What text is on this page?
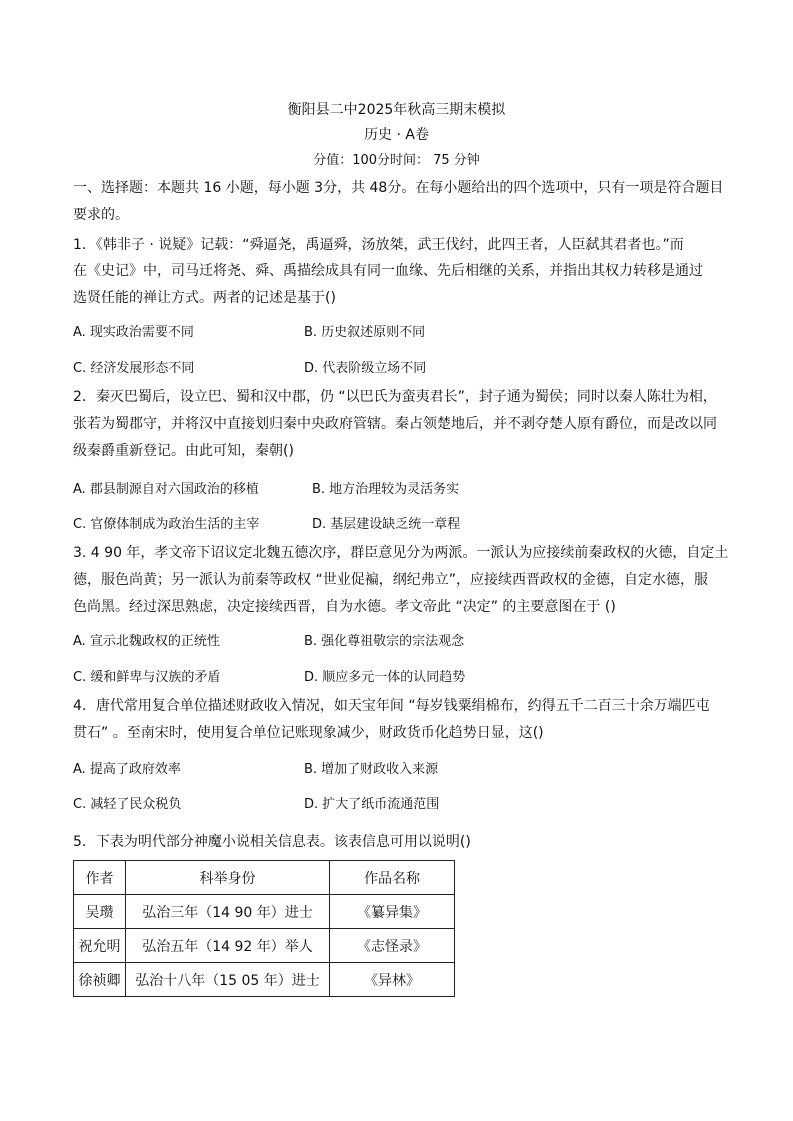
衡阳县二中2025年秋高三期末模拟
历史 · A卷
分值：100分时间： 75 分钟
一、选择题：本题共 16 小题，每小题 3分，共 48分。在每小题给出的四个选项中，只有一项是符合题目
要求的。
1．《韩非子 · 说疑》记载：“舜逼尧，禹逼舜，汤放桀，武王伐纣，此四王者，人臣弑其君者也。”而
在《史记》中，司马迁将尧、舜、禹描绘成具有同一血缘、先后相继的关系，并指出其权力转移是通过
选贤任能的禅让方式。两者的记述是基于()
A. 现实政治需要不同	B. 历史叙述原则不同
C. 经济发展形态不同	D. 代表阶级立场不同
2．秦灭巴蜀后，设立巴、蜀和汉中郡，仍 “以巴氏为蛮夷君长”，封子通为蜀侯；同时以秦人陈壮为相，
张若为蜀郡守，并将汉中直接划归秦中央政府管辖。秦占领楚地后，并不剥夺楚人原有爵位，而是改以同
级秦爵重新登记。由此可知，秦朝()
A. 郡县制源自对六国政治的移植	B. 地方治理较为灵活务实
C. 官僚体制成为政治生活的主宰	D. 基层建设缺乏统一章程
3. 4 90 年，孝文帝下诏议定北魏五德次序，群臣意见分为两派。一派认为应接续前秦政权的火德，自定土
德，服色尚黄；另一派认为前秦等政权 “世业促褊，纲纪弗立”，应接续西晋政权的金德，自定水德，服
色尚黑。经过深思熟虑，决定接续西晋，自为水德。孝文帝此 “决定” 的主要意图在于 ()
A. 宣示北魏政权的正统性	B. 强化尊祖敬宗的宗法观念
C. 缓和鲜卑与汉族的矛盾	D. 顺应多元一体的认同趋势
4．唐代常用复合单位描述财政收入情况，如天宝年间 “每岁钱粟绢棉布，约得五千二百三十余万端匹屯
贯石” 。至南宋时，使用复合单位记账现象减少，财政货币化趋势日显，这()
A. 提高了政府效率	B. 增加了财政收入来源
C. 减轻了民众税负	D. 扩大了纸币流通范围
5．下表为明代部分神魔小说相关信息表。该表信息可用以说明()
作者	科举身份	作品名称
吴瓒	弘治三年（14 90 年）进士	《纂异集》
祝允明	弘治五年（14 92 年）举人	《志怪录》
徐祯卿	弘治十八年（15 05 年）进士	《异林》
